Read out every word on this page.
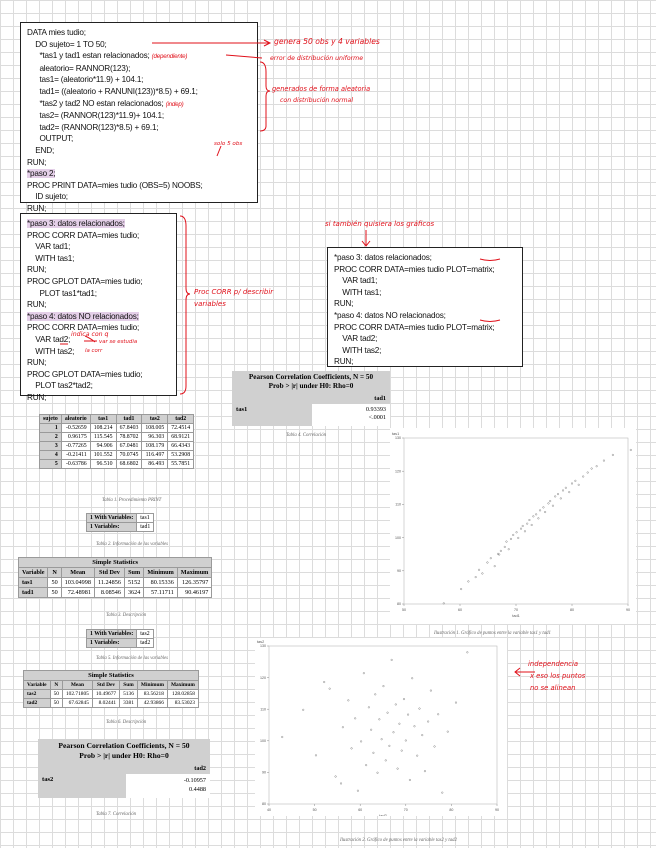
DATA mies tudio;
DO sujeto= 1 TO 50;
*tas1 y tad1 estan relacionados; (dependiente)
aleatorio= RANNOR(123);
tas1= (aleatorio*11.9) + 104.1;
tad1= ((aleatorio + RANUNI(123))*8.5) + 69.1;
*tas2 y tad2 NO estan relacionados; (indep)
tas2= (RANNOR(123)*11.9)+ 104.1;
tad2= (RANNOR(123)*8.5) + 69.1;
OUTPUT;
END;
RUN;
*paso 2;
PROC PRINT DATA=mies tudio (OBS=5) NOOBS;
ID sujeto;
RUN;
*paso 3: datos relacionados;
PROC CORR DATA=mies tudio;
VAR tad1;
WITH tas1;
RUN;
PROC GPLOT DATA=mies tudio;
PLOT tas1*tad1;
RUN;
*paso 4: datos NO relacionados;
PROC CORR DATA=mies tudio;
VAR tad2;
WITH tas2;
RUN;
PROC GPLOT DATA=mies tudio;
PLOT tas2*tad2;
RUN;
*paso 3: datos relacionados;
PROC CORR DATA=mies tudio PLOT=matrix;
VAR tad1;
WITH tas1;
RUN;
*paso 4: datos NO relacionados;
PROC CORR DATA=mies tudio PLOT=matrix;
VAR tad2;
WITH tas2;
RUN;
genera 50 obs y 4 variables
error de distribución uniforme
generados de forma aleatoria
con distribución normal
solo 5 obs
Proc CORR p/ describir
variables
indica con q
var se estudia
la corr
si también quisiera los gráficos
independencia
x eso los puntos
no se alinean
Pearson Correlation Coefficients, N = 50
Prob > |r| under H0: Rho=0
tad1
tas1	0.93393
<.0001
Tabla 4. Correlación
sujeto	aleatorio	tas1	tad1	tas2	tad2
1	-0.52659	108.214	67.8403	108.005	72.4514
2	0.96175	115.545	78.8702	96.303	68.9121
3	-0.77265	94.906	67.0481	108.179	66.4343
4	-0.21411	101.552	70.0745	116.497	53.2908
5	-0.63786	96.510	68.6802	86.493	55.7851
Tabla 1. Procedimiento PRINT
1 With Variables:	tas1
1 Variables:	tad1
Tabla 2. Información de las variables
Simple Statistics						
Variable	N	Mean	Std Dev	Sum	Minimum	Maximum
tas1	50	103.04998	11.24856	5152	80.15336	126.35797
tad1	50	72.48981	8.08546	3624	57.11711	90.46197
Tabla 3. Descripción
1 With Variables:	tas2
1 Variables:	tad2
Tabla 5. Información de las variables
Simple Statistics						
Variable	N	Mean	Std Dev	Sum	Minimum	Maximum
tas2	50	102.71805	10.49677	5136	83.56218	128.02858
tad2	50	67.62845	8.02441	3381	42.93866	83.53023
Tabla 6. Descripción
Pearson Correlation Coefficients, N = 50
Prob > |r| under H0: Rho=0
tad2
tas2	-0.10957
0.4488
Tabla 7. Correlación
50	60	70	80	90
80
90
100
110
120
130
tad1
tas1
Ilustración 1. Gráfico de puntos entre la variable tas1 y tad1
40	50	60	70	80	90
80
90
100
110
120
130
tad2
tas2
Ilustración 2. Gráfico de puntos entre la variable tas2 y tad2
